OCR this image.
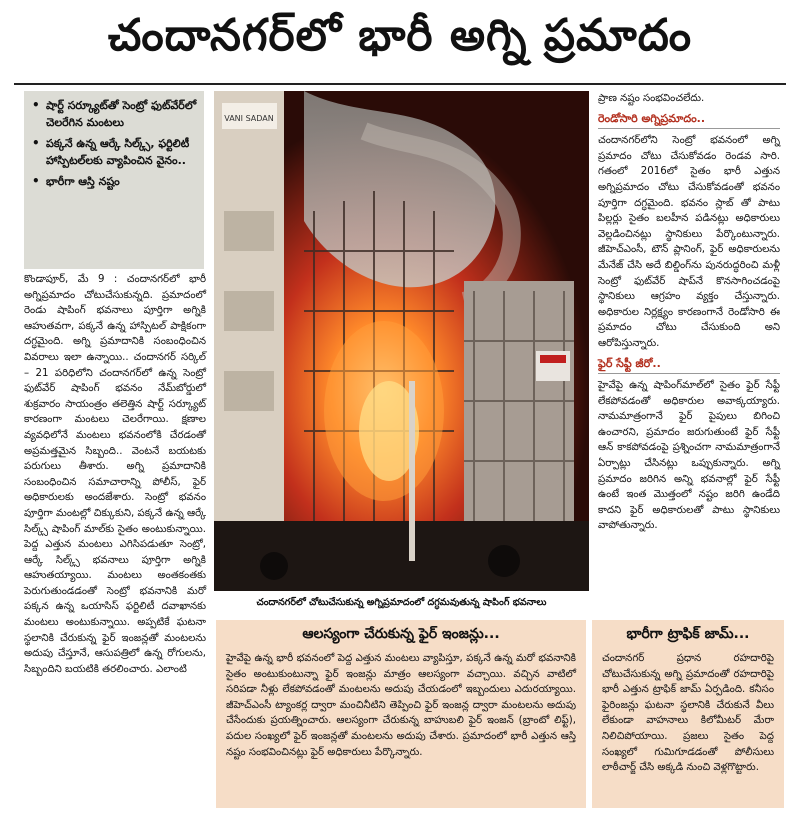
చందానగర్‌లో భారీ అగ్ని ప్రమాదం
• షార్ట్‌ సర్క్యూట్‌తో సెంట్రో ఫుట్‌వేర్‌లో చెలరేగిన మంటలు
• పక్కనే ఉన్న ఆర్కే సిల్క్స్‌, ఫర్టిలిటీ హాస్పిటల్‌లకు వ్యాపించిన వైనం..
• భారీగా ఆస్తి నష్టం
కొండాపూర్‌, మే 9 : చందానగర్‌లో భారీ అగ్నిప్రమాదం చోటుచేసుకున్నది. ప్రమాదంలో రెండు షాపింగ్‌ భవనాలు పూర్తిగా అగ్నికి ఆహుతవగా, పక్కనే ఉన్న హాస్పిటల్‌ పాక్షికంగా దగ్ధమైంది. అగ్ని ప్రమాదానికి సంబంధించిన వివరాలు ఇలా ఉన్నాయి.. చందానగర్‌ సర్కిల్‌ – 21 పరిధిలోని చందానగర్‌లో ఉన్న సెంట్రో ఫుట్‌వేర్‌ షాపింగ్‌ భవనం నేమ్‌బోర్డులో శుక్రవారం సాయంత్రం తలెత్తిన షార్ట్‌ సర్క్యూట్‌ కారణంగా మంటలు చెలరేగాయి. క్షణాల వ్యవధిలోనే మంటలు భవనంలోకి చేరడంతో అప్రమత్తమైన సిబ్బంది.. వెంటనే బయటకు పరుగులు తీశారు. అగ్ని ప్రమాదానికి సంబంధించిన సమాచారాన్ని పోలీస్‌, ఫైర్‌ అధికారులకు అందజేశారు. సెంట్రో భవనం పూర్తిగా మంటల్లో చిక్కుకుని, పక్కనే ఉన్న ఆర్కే సిల్క్స్‌ షాపింగ్‌ మాల్‌కు సైతం అంటుకున్నాయి. పెద్ద ఎత్తున మంటలు ఎగిసిపడుతూ సెంట్రో, ఆర్కే సిల్క్స్‌ భవనాలు పూర్తిగా అగ్నికి ఆహుతయ్యాయి. మంటలు అంతకంతకు పెరుగుతుండడంతో సెంట్రో భవనానికి మరో పక్కన ఉన్న ఒయాసిస్‌ ఫర్టిలిటీ దవాఖానకు మంటలు అంటుకున్నాయి. అప్పటికే ఘటనా స్థలానికి చేరుకున్న ఫైర్‌ ఇంజన్లతో మంటలను అదుపు చేస్తూనే, ఆసుపత్రిలో ఉన్న రోగులను, సిబ్బందిని బయటికి తరలించారు. ఎలాంటి
VANI SADAN
చందానగర్‌లో చోటుచేసుకున్న అగ్నిప్రమాదంలో దగ్ధమవుతున్న షాపింగ్‌ భవనాలు
ప్రాణ నష్టం సంభవించలేదు.
రెండోసారి అగ్నిప్రమాదం..
చందానగర్‌లోని సెంట్రో భవనంలో అగ్ని ప్రమాదం చోటు చేసుకోవడం రెండవ సారి. గతంలో 2016లో సైతం భారీ ఎత్తున అగ్నిప్రమాదం చోటు చేసుకోవడంతో భవనం పూర్తిగా దగ్ధమైంది. భవనం స్లాబ్‌ తో పాటు పిల్లర్లు సైతం బలహీన పడినట్లు అధికారులు వెల్లడించినట్లు స్థానికులు పేర్కొంటున్నారు. జీహెచ్‌ఎంసీ, టౌన్‌ ప్లానింగ్‌, ఫైర్‌ అధికారులను మేనేజ్‌ చేసి అదే బిల్డింగ్‌ను పునరుద్ధరించి మళ్లీ సెంట్రో ఫుట్‌వేర్‌ షాప్‌నే కొనసాగించడంపై స్థానికులు ఆగ్రహం వ్యక్తం చేస్తున్నారు. అధికారుల నిర్లక్ష్యం కారణంగానే రెండోసారి ఈ ప్రమాదం చోటు చేసుకుంది అని ఆరోపిస్తున్నారు.
ఫైర్‌ సేఫ్టీ జీరో..
హైవేపై ఉన్న షాపింగ్‌మాల్‌లో సైతం ఫైర్‌ సేఫ్టీ లేకపోవడంతో అధికారుల అవాక్కయ్యారు. నామమాత్రంగానే ఫైర్‌ పైపులు బిగించి ఉంచారని, ప్రమాదం జరుగుతుంటే ఫైర్‌ సేఫ్టీ ఆన్‌ కాకపోవడంపై ప్రశ్నించగా నామమాత్రంగానే ఏర్పాట్లు చేసినట్లు ఒప్పుకున్నారు. అగ్ని ప్రమాదం జరిగిన అన్ని భవనాల్లో ఫైర్‌ సేఫ్టీ ఉంటే ఇంత మొత్తంలో నష్టం జరిగి ఉండేది కాదని ఫైర్‌ అధికారులతో పాటు స్థానికులు వాపోతున్నారు.
ఆలస్యంగా చేరుకున్న ఫైర్‌ ఇంజన్లు...
హైవేపై ఉన్న భారీ భవనంలో పెద్ద ఎత్తున మంటలు వ్యాపిస్తూ, పక్కనే ఉన్న మరో భవనానికి సైతం అంటుకుంటున్నా ఫైర్‌ ఇంజన్లు మాత్రం ఆలస్యంగా వచ్చాయి. వచ్చిన వాటిలో సరిపడా నీళ్లు లేకపోవడంతో మంటలను అదుపు చేయడంలో ఇబ్బందులు ఎదురయ్యాయి. జీహెచ్‌ఎంసీ ట్యాంకర్ల ద్వారా మంచినీటిని తెప్పించి ఫైర్‌ ఇంజన్ల ద్వారా మంటలను అదుపు చేసేందుకు ప్రయత్నించారు. ఆలస్యంగా చేరుకున్న బాహుబలి ఫైర్‌ ఇంజన్‌ (బ్రాంటో లిఫ్ట్‌), పదుల సంఖ్యలో ఫైర్‌ ఇంజన్లతో మంటలను అదుపు చేశారు. ప్రమాదంలో భారీ ఎత్తున ఆస్తి నష్టం సంభవించినట్లు ఫైర్‌ అధికారులు పేర్కొన్నారు.
భారీగా ట్రాఫిక్‌ జామ్‌...
చందానగర్‌ ప్రధాన రహదారిపై చోటుచేసుకున్న అగ్ని ప్రమాదంతో రహదారిపై భారీ ఎత్తున ట్రాఫిక్‌ జామ్‌ ఏర్పడింది. కనీసం ఫైరింజన్లు ఘటనా స్థలానికి చేరుకునే వీలు లేకుండా వాహనాలు కిలోమీటర్‌ మేరా నిలిచిపోయాయి. ప్రజలు సైతం పెద్ద సంఖ్యలో గుమిగూడడంతో పోలీసులు లాఠీచార్జ్‌ చేసి అక్కడి నుంచి వెళ్లగొట్టారు.
